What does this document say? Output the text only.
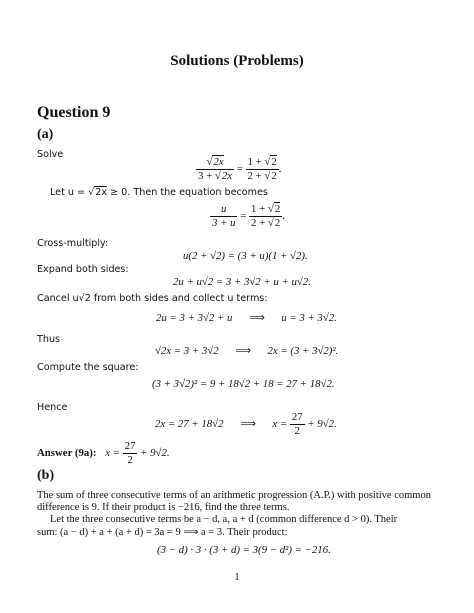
Solutions (Problems)
Question 9
(a)
Solve
$\frac{√2x}{3 + √2x} = \frac{1 + √2}{2 + √2}$ .
Let u = √2x ≥ 0. Then the equation becomes
$\frac{u}{3 + u} = \frac{1 + √2}{2 + √2}$ .
Cross-multiply:
u(2 + √2) = (3 + u)(1 + √2).
Expand both sides:
2u + u√2 = 3 + 3√2 + u + u√2.
Cancel u√2 from both sides and collect u terms:
2u = 3 + 3√2 + u ⟹ u = 3 + 3√2.
Thus
√2x = 3 + 3√2 ⟹ 2x = (3 + 3√2)².
Compute the square:
(3 + 3√2)² = 9 + 18√2 + 18 = 27 + 18√2.
Hence
2x = 27 + 18√2 ⟹ $x = \frac{27}{2} + 9√2$.
Answer (9a): $x = \frac{27}{2} + 9√2$.
(b)
The sum of three consecutive terms of an arithmetic progression (A.P.) with positive common
difference is 9. If their product is −216, find the three terms.
Let the three consecutive terms be a − d, a, a + d (common difference d > 0). Their
sum: (a − d) + a + (a + d) = 3a = 9 ⟹ a = 3. Their product:
(3 − d) · 3 · (3 + d) = 3(9 − d²) = −216.
1
